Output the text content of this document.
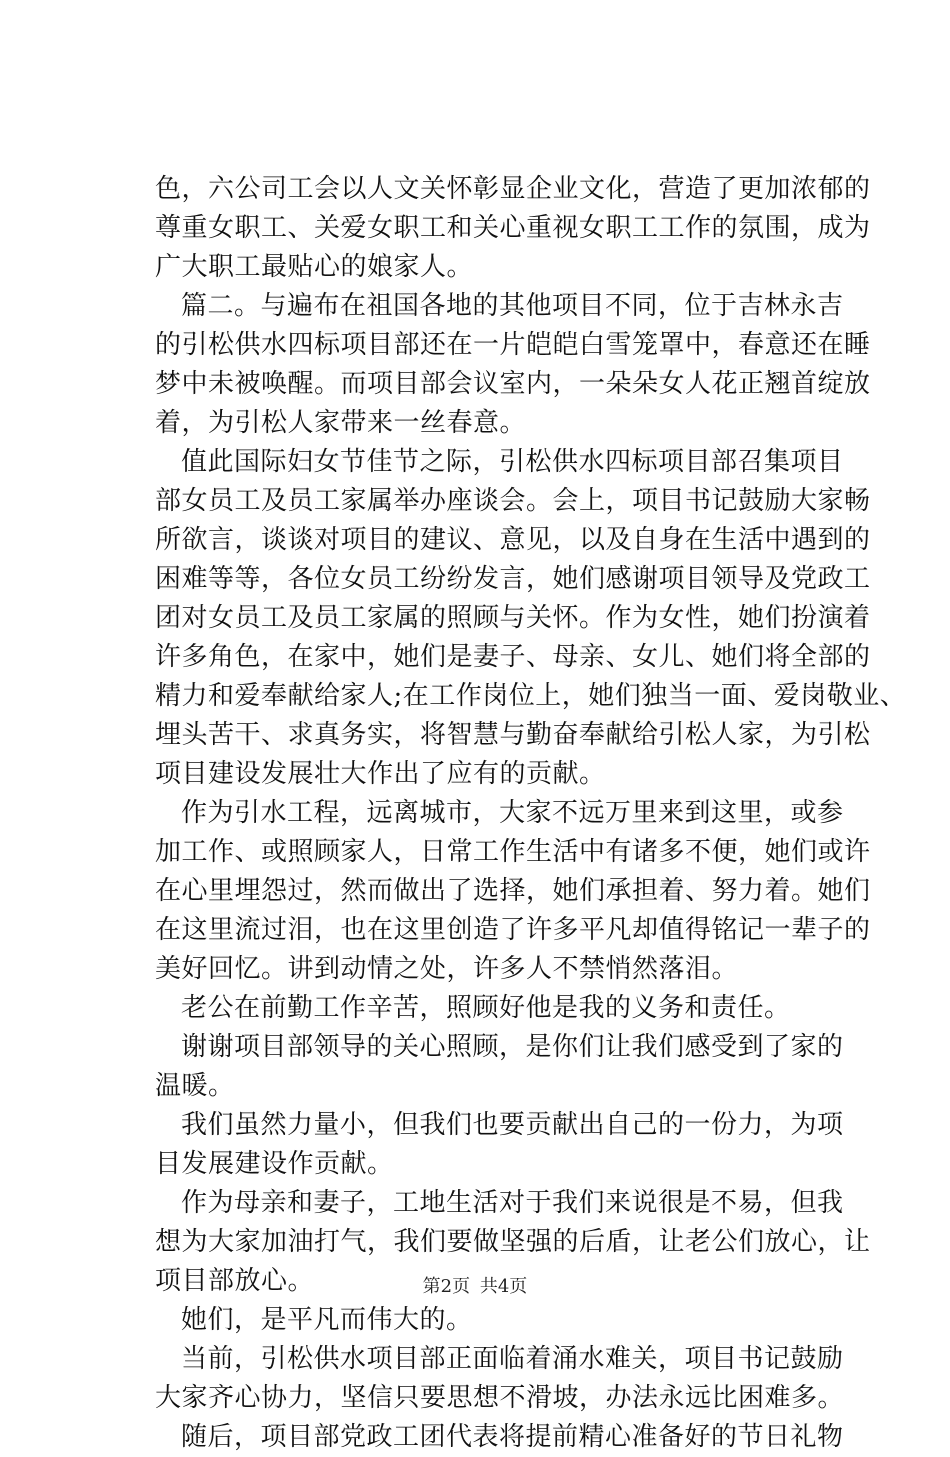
色，六公司工会以人文关怀彰显企业文化，营造了更加浓郁的
尊重女职工、关爱女职工和关心重视女职工工作的氛围，成为
广大职工最贴心的娘家人。
篇二。与遍布在祖国各地的其他项目不同，位于吉林永吉
的引松供水四标项目部还在一片皑皑白雪笼罩中，春意还在睡
梦中未被唤醒。而项目部会议室内，一朵朵女人花正翘首绽放
着，为引松人家带来一丝春意。
值此国际妇女节佳节之际，引松供水四标项目部召集项目
部女员工及员工家属举办座谈会。会上，项目书记鼓励大家畅
所欲言，谈谈对项目的建议、意见，以及自身在生活中遇到的
困难等等，各位女员工纷纷发言，她们感谢项目领导及党政工
团对女员工及员工家属的照顾与关怀。作为女性，她们扮演着
许多角色，在家中，她们是妻子、母亲、女儿、她们将全部的
精力和爱奉献给家人;在工作岗位上，她们独当一面、爱岗敬业、
埋头苦干、求真务实，将智慧与勤奋奉献给引松人家，为引松
项目建设发展壮大作出了应有的贡献。
作为引水工程，远离城市，大家不远万里来到这里，或参
加工作、或照顾家人，日常工作生活中有诸多不便，她们或许
在心里埋怨过，然而做出了选择，她们承担着、努力着。她们
在这里流过泪，也在这里创造了许多平凡却值得铭记一辈子的
美好回忆。讲到动情之处，许多人不禁悄然落泪。
老公在前勤工作辛苦，照顾好他是我的义务和责任。
谢谢项目部领导的关心照顾，是你们让我们感受到了家的
温暖。
我们虽然力量小，但我们也要贡献出自己的一份力，为项
目发展建设作贡献。
作为母亲和妻子，工地生活对于我们来说很是不易，但我
想为大家加油打气，我们要做坚强的后盾，让老公们放心，让
项目部放心。
她们，是平凡而伟大的。
当前，引松供水项目部正面临着涌水难关，项目书记鼓励
大家齐心协力，坚信只要思想不滑坡，办法永远比困难多。
随后，项目部党政工团代表将提前精心准备好的节日礼物
第2页 共4页
